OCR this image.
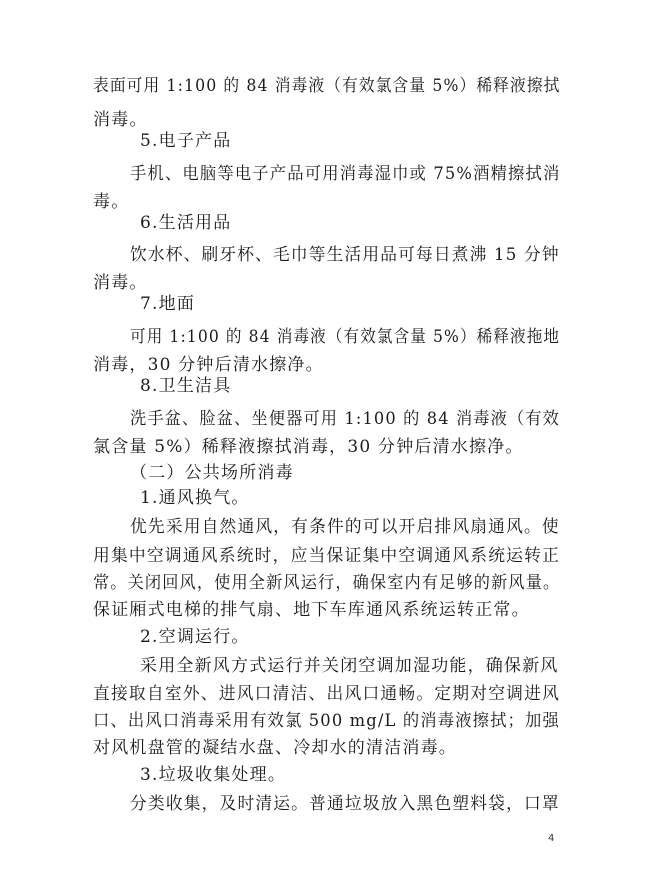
表面可用 1:100 的 84 消毒液（有效氯含量 5%）稀释液擦拭
消毒。
5.电子产品
手机、电脑等电子产品可用消毒湿巾或 75%酒精擦拭消
毒。
6.生活用品
饮水杯、刷牙杯、毛巾等生活用品可每日煮沸 15 分钟
消毒。
7.地面
可用 1:100 的 84 消毒液（有效氯含量 5%）稀释液拖地
消毒，30 分钟后清水擦净。
8.卫生洁具
洗手盆、脸盆、坐便器可用 1:100 的 84 消毒液（有效
氯含量 5%）稀释液擦拭消毒，30 分钟后清水擦净。
（二）公共场所消毒
1.通风换气。
优先采用自然通风，有条件的可以开启排风扇通风。使
用集中空调通风系统时，应当保证集中空调通风系统运转正
常。关闭回风，使用全新风运行，确保室内有足够的新风量。
保证厢式电梯的排气扇、地下车库通风系统运转正常。
2.空调运行。
采用全新风方式运行并关闭空调加湿功能，确保新风
直接取自室外、进风口清洁、出风口通畅。定期对空调进风
口、出风口消毒采用有效氯 500 mg/L 的消毒液擦拭；加强
对风机盘管的凝结水盘、冷却水的清洁消毒。
3.垃圾收集处理。
分类收集，及时清运。普通垃圾放入黑色塑料袋，口罩
4
